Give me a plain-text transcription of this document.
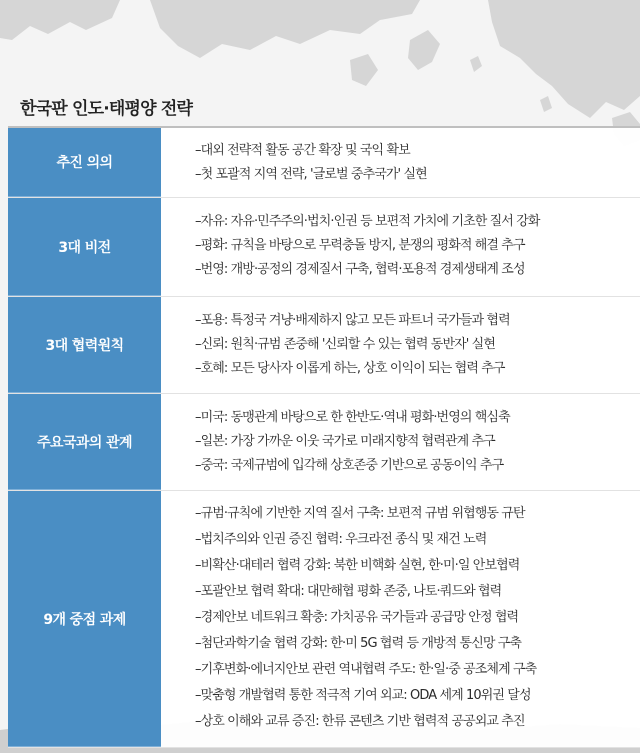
한국판 인도·태평양 전략
추진 의의
–대외 전략적 활동 공간 확장 및 국익 확보
–첫 포괄적 지역 전략, '글로벌 중추국가' 실현
3대 비전
–자유: 자유·민주주의·법치·인권 등 보편적 가치에 기초한 질서 강화
–평화: 규칙을 바탕으로 무력충돌 방지, 분쟁의 평화적 해결 추구
–번영: 개방·공정의 경제질서 구축, 협력·포용적 경제생태계 조성
3대 협력원칙
–포용: 특정국 겨냥·배제하지 않고 모든 파트너 국가들과 협력
–신뢰: 원칙·규범 존중해 '신뢰할 수 있는 협력 동반자' 실현
–호혜: 모든 당사자 이롭게 하는, 상호 이익이 되는 협력 추구
주요국과의 관계
–미국: 동맹관계 바탕으로 한 한반도·역내 평화·번영의 핵심축
–일본: 가장 가까운 이웃 국가로 미래지향적 협력관계 추구
–중국: 국제규범에 입각해 상호존중 기반으로 공동이익 추구
9개 중점 과제
–규범·규칙에 기반한 지역 질서 구축: 보편적 규범 위협행동 규탄
–법치주의와 인권 증진 협력: 우크라전 종식 및 재건 노력
–비확산·대테러 협력 강화: 북한 비핵화 실현, 한·미·일 안보협력
–포괄안보 협력 확대: 대만해협 평화 존중, 나토·쿼드와 협력
–경제안보 네트워크 확충: 가치공유 국가들과 공급망 안정 협력
–첨단과학기술 협력 강화: 한·미 5G 협력 등 개방적 통신망 구축
–기후변화·에너지안보 관련 역내협력 주도: 한·일·중 공조체계 구축
–맞춤형 개발협력 통한 적극적 기여 외교: ODA 세계 10위권 달성
–상호 이해와 교류 증진: 한류 콘텐츠 기반 협력적 공공외교 추진
